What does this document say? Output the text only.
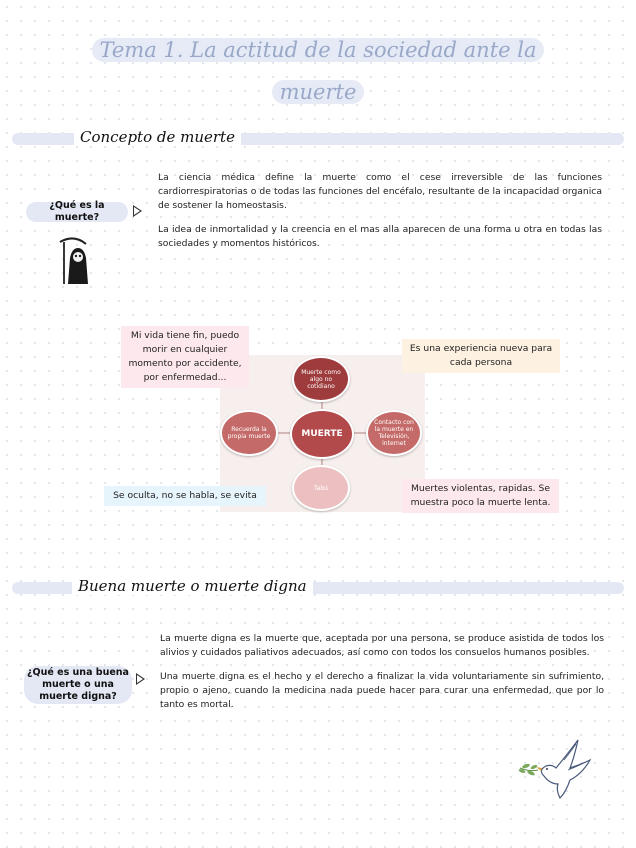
Tema 1. La actitud de la sociedad ante la
muerte
Concepto de muerte
¿Qué es la muerte?

La ciencia médica define la muerte como el cese irreversible de las funciones cardiorrespiratorias o de todas las funciones del encéfalo, resultante de la incapacidad organica de sostener la homeostasis.

La idea de inmortalidad y la creencia en el mas alla aparecen de una forma u otra en todas las sociedades y momentos históricos.

Muerte como algo no cotidiano
Recuerda la propia muerte
Contacto con la muerte en Televisión, internet
Tabú
MUERTE
Mi vida tiene fin, puedo morir en cualquier momento por accidente, por enfermedad...
Es una experiencia nueva para cada persona
Se oculta, no se habla, se evita
Muertes violentas, rapidas. Se muestra poco la muerte lenta.
Buena muerte o muerte digna
¿Qué es una buena muerte o una muerte digna?

La muerte digna es la muerte que, aceptada por una persona, se produce asistida de todos los alivios y cuidados paliativos adecuados, así como con todos los consuelos humanos posibles.

Una muerte digna es el hecho y el derecho a finalizar la vida voluntariamente sin sufrimiento, propio o ajeno, cuando la medicina nada puede hacer para curar una enfermedad, que por lo tanto es mortal.
